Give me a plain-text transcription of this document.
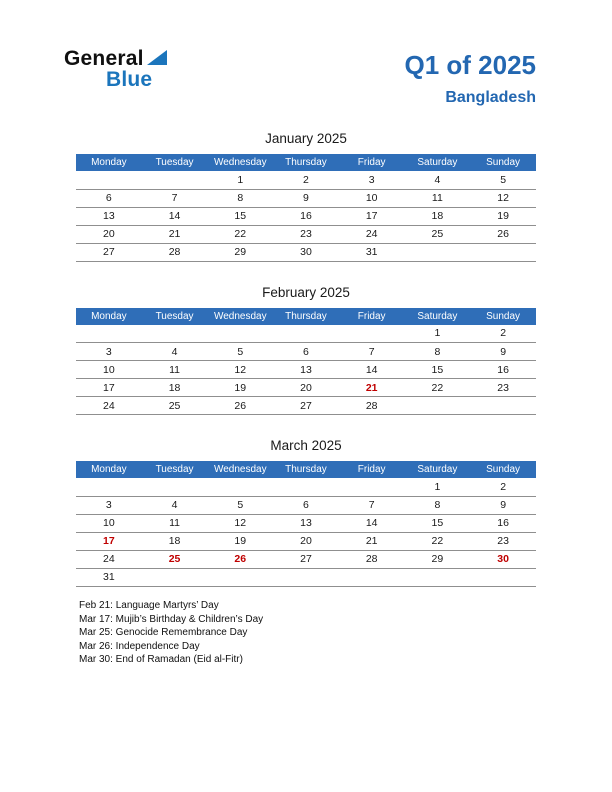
General
Blue	Q1 of 2025
Bangladesh
January 2025
Monday	Tuesday	Wednesday	Thursday	Friday	Saturday	Sunday
		1	2	3	4	5
6	7	8	9	10	11	12
13	14	15	16	17	18	19
20	21	22	23	24	25	26
27	28	29	30	31		
February 2025
Monday	Tuesday	Wednesday	Thursday	Friday	Saturday	Sunday
					1	2
3	4	5	6	7	8	9
10	11	12	13	14	15	16
17	18	19	20	21	22	23
24	25	26	27	28		
March 2025
Monday	Tuesday	Wednesday	Thursday	Friday	Saturday	Sunday
					1	2
3	4	5	6	7	8	9
10	11	12	13	14	15	16
17	18	19	20	21	22	23
24	25	26	27	28	29	30
31						
Feb 21: Language Martyrs’ Day
Mar 17: Mujib’s Birthday & Children’s Day
Mar 25: Genocide Remembrance Day
Mar 26: Independence Day
Mar 30: End of Ramadan (Eid al-Fitr)
